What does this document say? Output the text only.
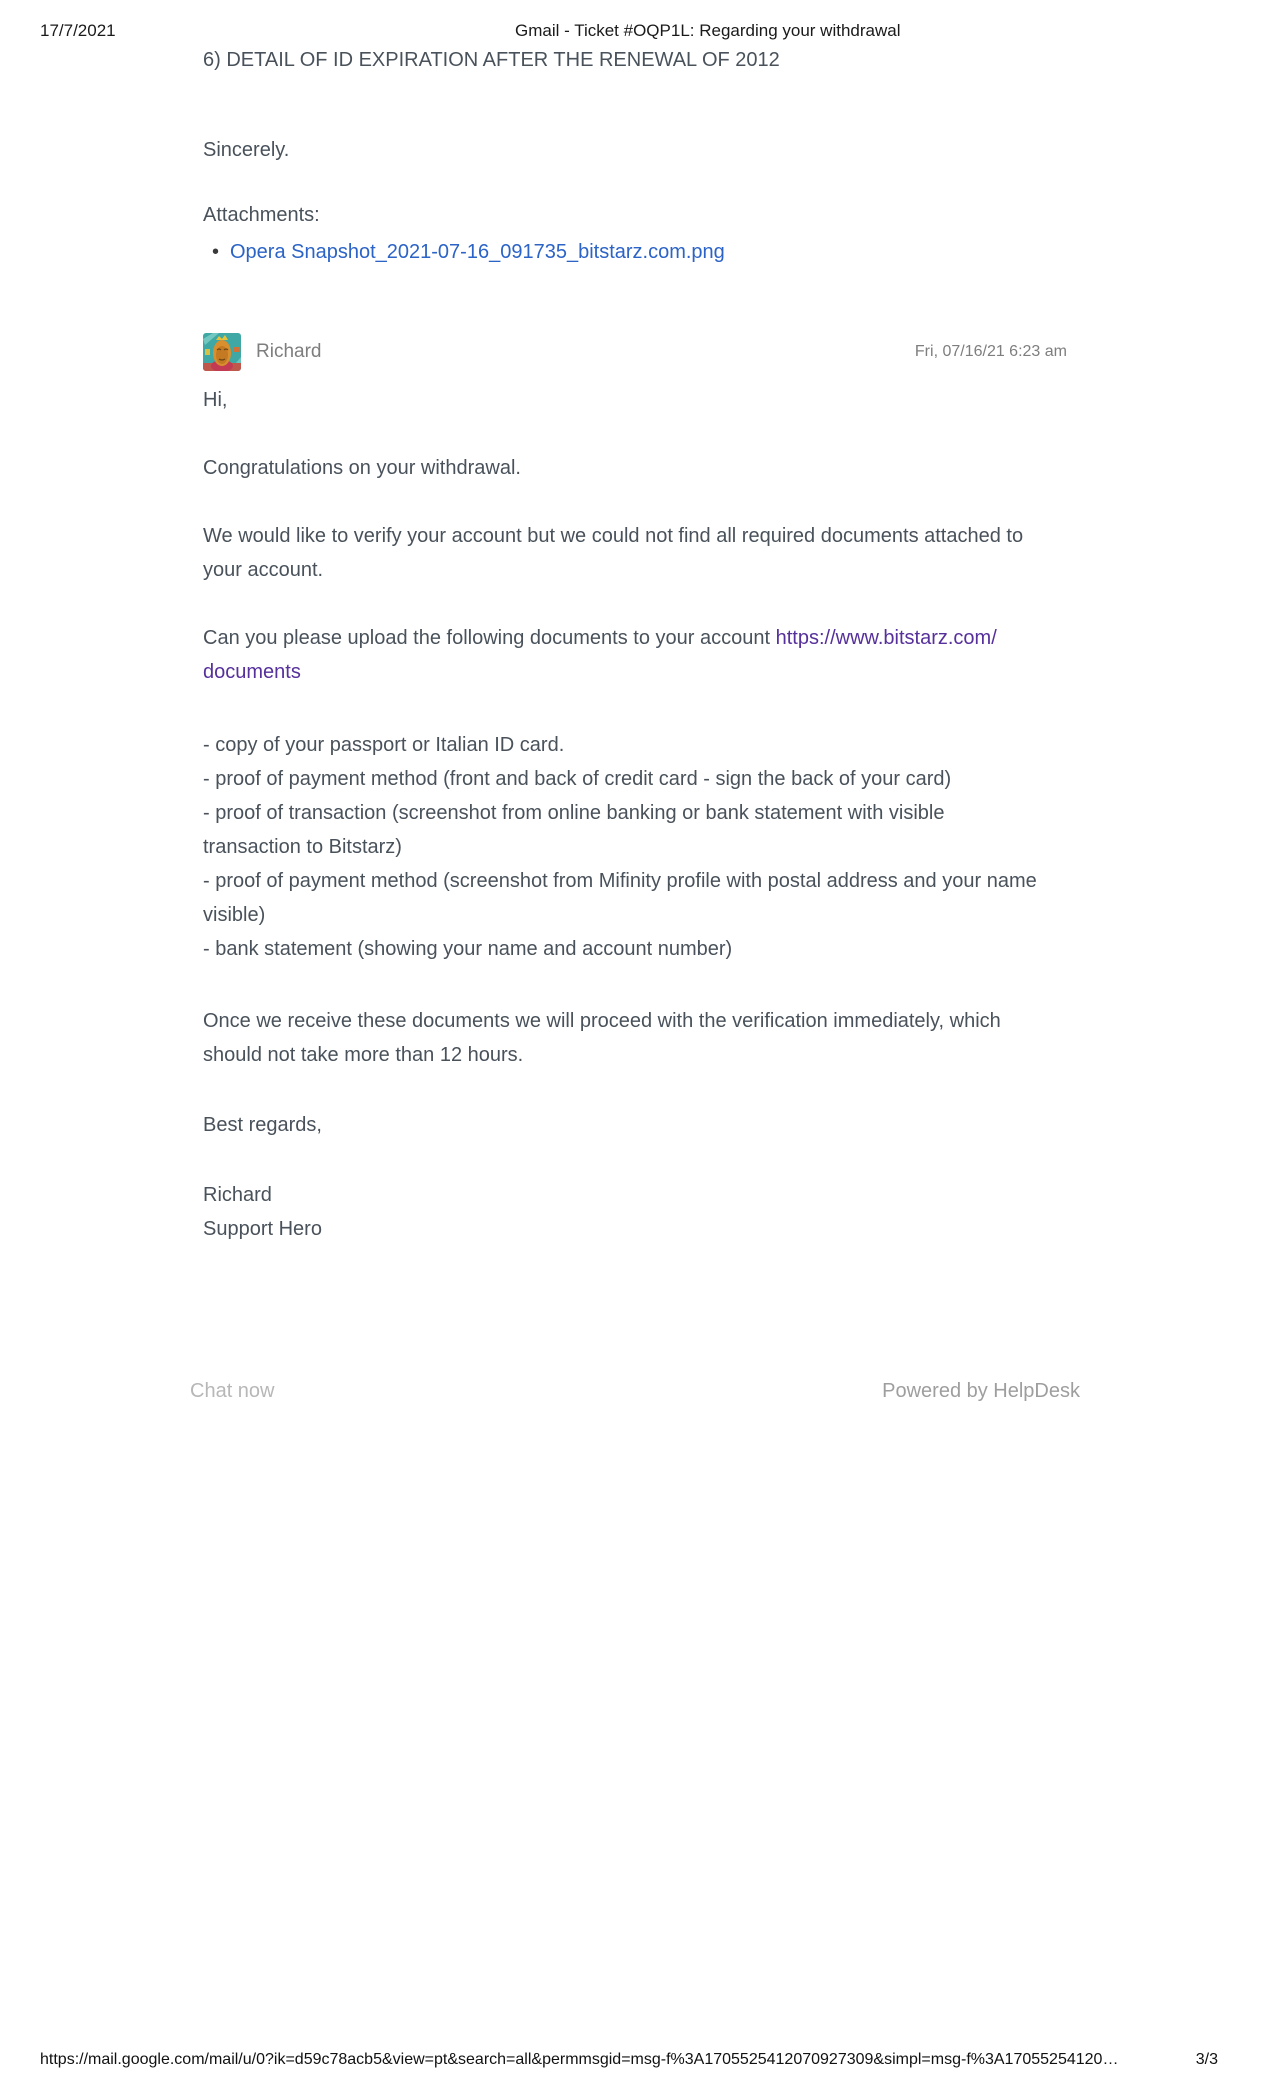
17/7/2021	Gmail - Ticket #OQP1L: Regarding your withdrawal

6) DETAIL OF ID EXPIRATION AFTER THE RENEWAL OF 2012

Sincerely.

Attachments:

• Opera Snapshot_2021-07-16_091735_bitstarz.com.png
Richard	Fri, 07/16/21 6:23 am

Hi,

Congratulations on your withdrawal.

We would like to verify your account but we could not find all required documents attached to your account.

Can you please upload the following documents to your account https://www.bitstarz.com/
documents

- copy of your passport or Italian ID card.
- proof of payment method (front and back of credit card - sign the back of your card)
- proof of transaction (screenshot from online banking or bank statement with visible transaction to Bitstarz)
- proof of payment method (screenshot from Mifinity profile with postal address and your name visible)
- bank statement (showing your name and account number)

Once we receive these documents we will proceed with the verification immediately, which should not take more than 12 hours.

Best regards,

Richard
Support Hero

Chat now	Powered by HelpDesk
https://mail.google.com/mail/u/0?ik=d59c78acb5&view=pt&search=all&permmsgid=msg-f%3A1705525412070927309&simpl=msg-f%3A17055254120…	3/3
